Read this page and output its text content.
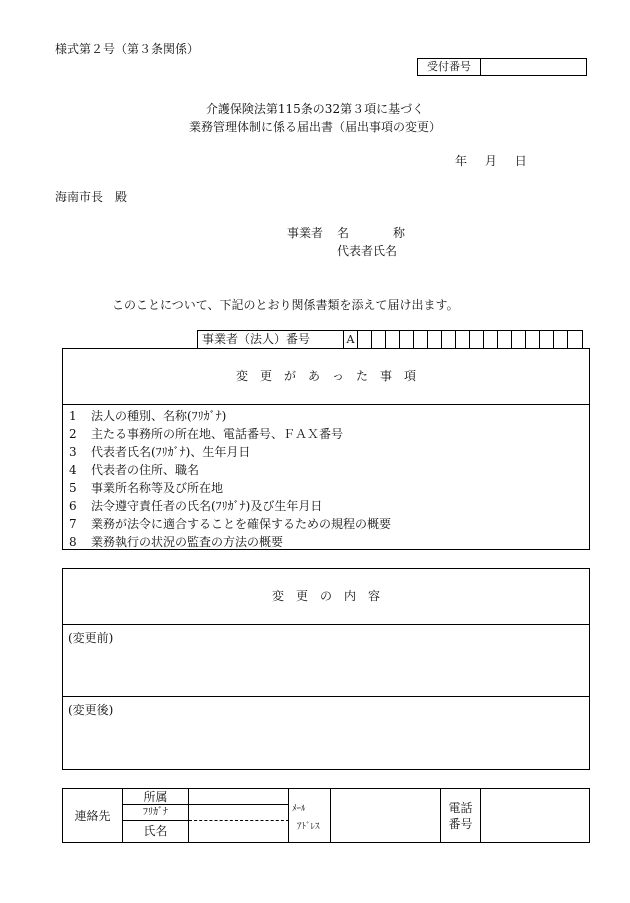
様式第２号（第３条関係）
受付番号
介護保険法第115条の32第３項に基づく
業務管理体制に係る届出書（届出事項の変更）
年 月 日
海南市長　殿
事業者 名	称
代表者氏名
このことについて、下記のとおり関係書類を添えて届け出ます。
事業者（法人）番号	A
変　更　が　あ　っ　た　事　項
1 法人の種別、名称(ﾌﾘｶﾞﾅ)
2 主たる事務所の所在地、電話番号、ＦＡＸ番号
3 代表者氏名(ﾌﾘｶﾞﾅ)、生年月日
4 代表者の住所、職名
5 事業所名称等及び所在地
6 法令遵守責任者の氏名(ﾌﾘｶﾞﾅ)及び生年月日
7 業務が法令に適合することを確保するための規程の概要
8 業務執行の状況の監査の方法の概要
変　更　の　内　容
(変更前)
(変更後)
連絡先
所属
ﾌﾘｶﾞﾅ
氏名
ﾒｰﾙ
ｱﾄﾞﾚｽ
電話
番号
